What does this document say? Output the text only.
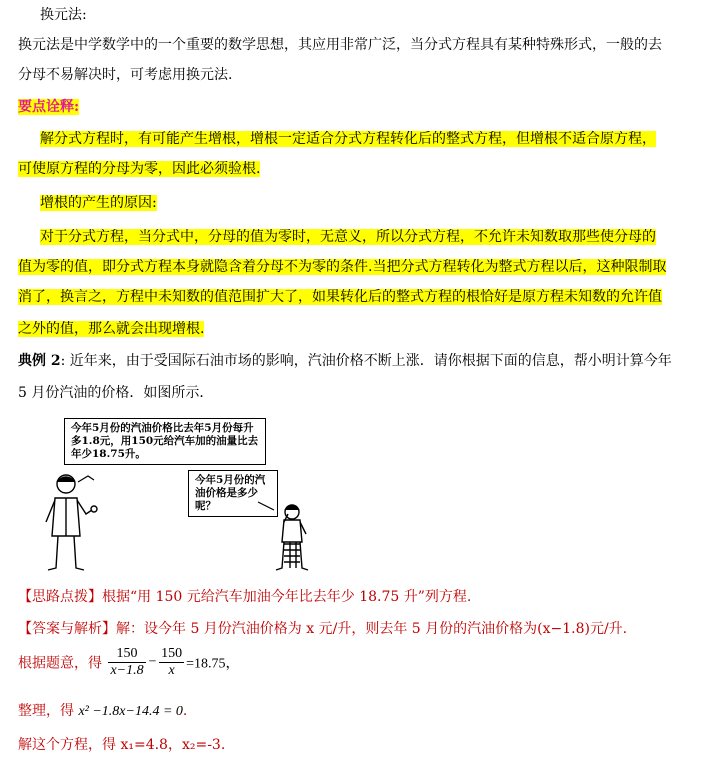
换元法:
换元法是中学数学中的一个重要的数学思想，其应用非常广泛，当分式方程具有某种特殊形式，一般的去
分母不易解决时，可考虑用换元法.
要点诠释:
解分式方程时，有可能产生增根，增根一定适合分式方程转化后的整式方程，但增根不适合原方程，
可使原方程的分母为零，因此必须验根.
增根的产生的原因:
对于分式方程，当分式中，分母的值为零时，无意义，所以分式方程，不允许未知数取那些使分母的
值为零的值，即分式方程本身就隐含着分母不为零的条件.当把分式方程转化为整式方程以后，这种限制取
消了，换言之，方程中未知数的值范围扩大了，如果转化后的整式方程的根恰好是原方程未知数的允许值
之外的值，那么就会出现增根.
典例 2: 近年来，由于受国际石油市场的影响，汽油价格不断上涨．请你根据下面的信息，帮小明计算今年
5 月份汽油的价格．如图所示．
今年5月份的汽油价格比去年5月份每升多1.8元，用150元给汽车加的油量比去年少18.75升。
今年5月份的汽油价格是多少呢？
【思路点拨】根据“用 150 元给汽车加油今年比去年少 18.75 升”列方程.
【答案与解析】解：设今年 5 月份汽油价格为 x 元/升，则去年 5 月份的汽油价格为(x−1.8)元/升.
根据题意，得 $\frac{150}{x-1.8} - \frac{150}{x} =18.75$，
整理，得 x² −1.8x−14.4 = 0.
解这个方程，得 x₁=4.8，x₂=-3.
